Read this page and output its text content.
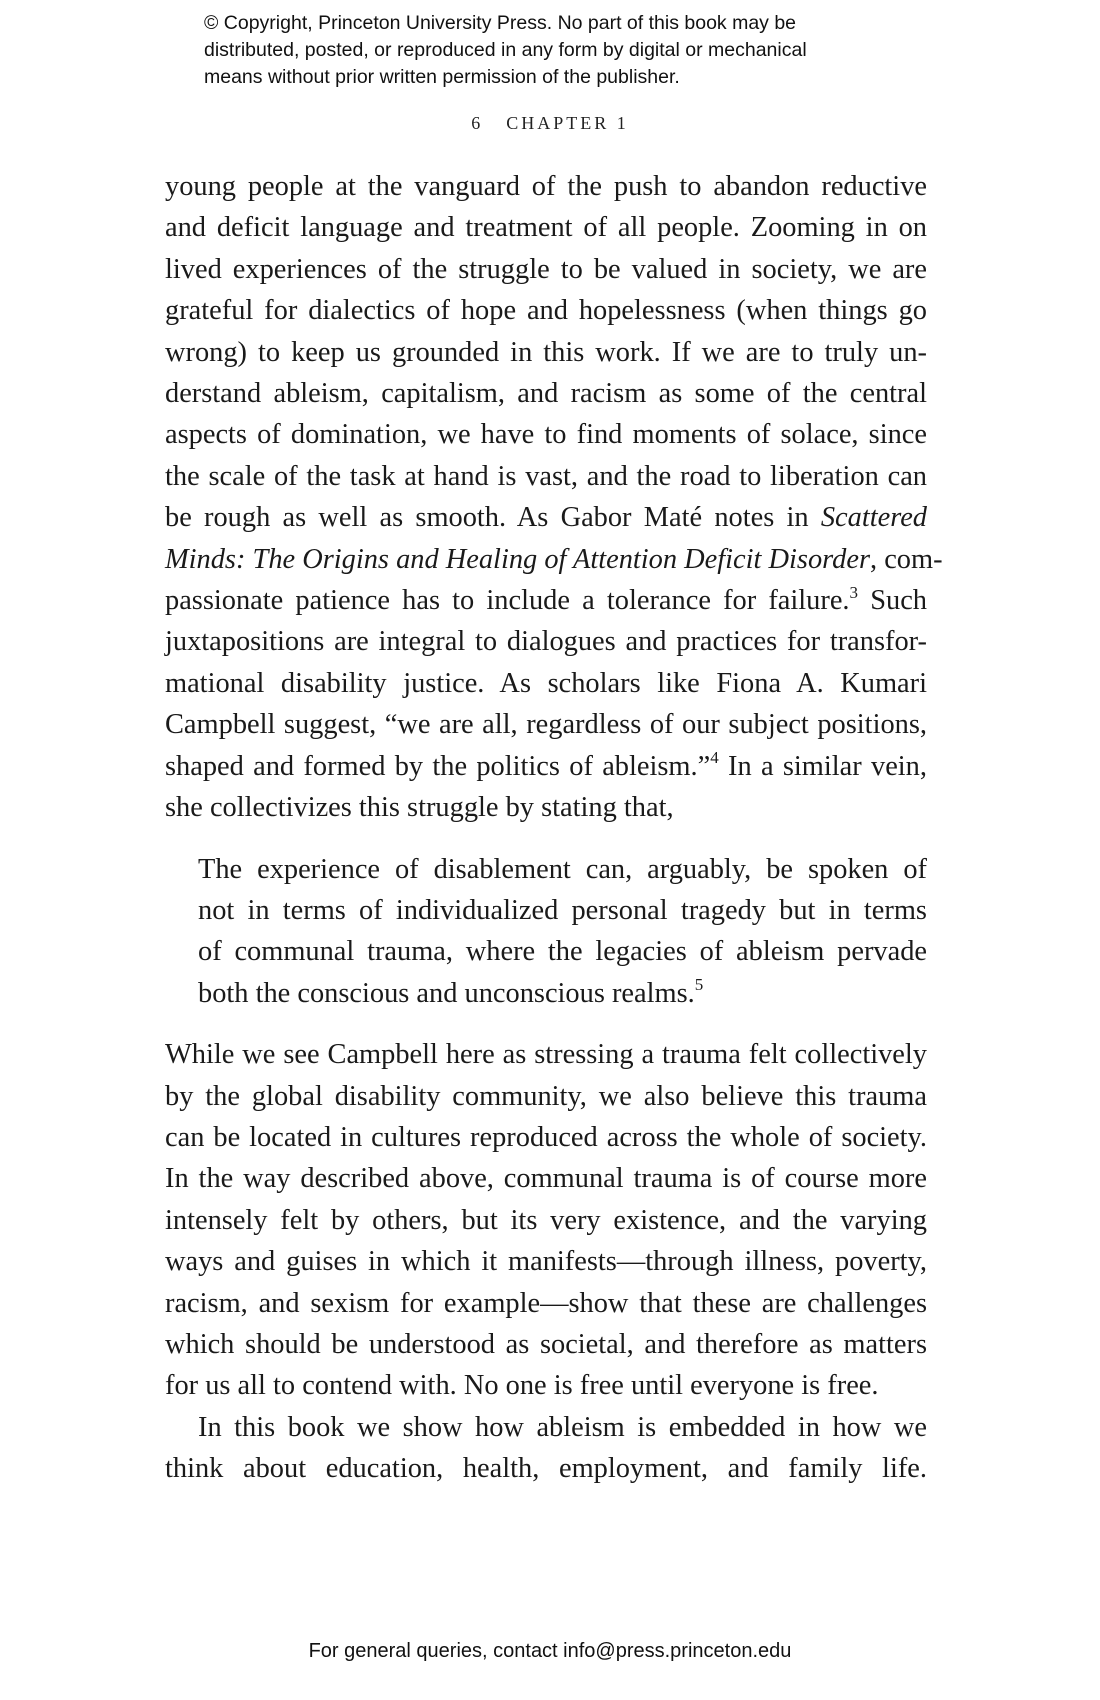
© Copyright, Princeton University Press. No part of this book may be
distributed, posted, or reproduced in any form by digital or mechanical
means without prior written permission of the publisher.
6 CHAPTER 1
young people at the vanguard of the push to abandon reductive
and deficit language and treatment of all people. Zooming in on
lived experiences of the struggle to be valued in society, we are
grateful for dialectics of hope and hopelessness (when things go
wrong) to keep us grounded in this work. If we are to truly un-
derstand ableism, capitalism, and racism as some of the central
aspects of domination, we have to find moments of solace, since
the scale of the task at hand is vast, and the road to liberation can
be rough as well as smooth. As Gabor Maté notes in Scattered
Minds: The Origins and Healing of Attention Deficit Disorder, com-
passionate patience has to include a tolerance for failure.$^3$ Such
juxtapositions are integral to dialogues and practices for transfor-
mational disability justice. As scholars like Fiona A. Kumari
Campbell suggest, “we are all, regardless of our subject positions,
shaped and formed by the politics of ableism.”$^4$ In a similar vein,
she collectivizes this struggle by stating that,
The experience of disablement can, arguably, be spoken of
not in terms of individualized personal tragedy but in terms
of communal trauma, where the legacies of ableism pervade
both the conscious and unconscious realms.$^5$
While we see Campbell here as stressing a trauma felt collectively
by the global disability community, we also believe this trauma
can be located in cultures reproduced across the whole of society.
In the way described above, communal trauma is of course more
intensely felt by others, but its very existence, and the varying
ways and guises in which it manifests—through illness, poverty,
racism, and sexism for example—show that these are challenges
which should be understood as societal, and therefore as matters
for us all to contend with. No one is free until everyone is free.
In this book we show how ableism is embedded in how we
think about education, health, employment, and family life.
For general queries, contact info@press.princeton.edu
